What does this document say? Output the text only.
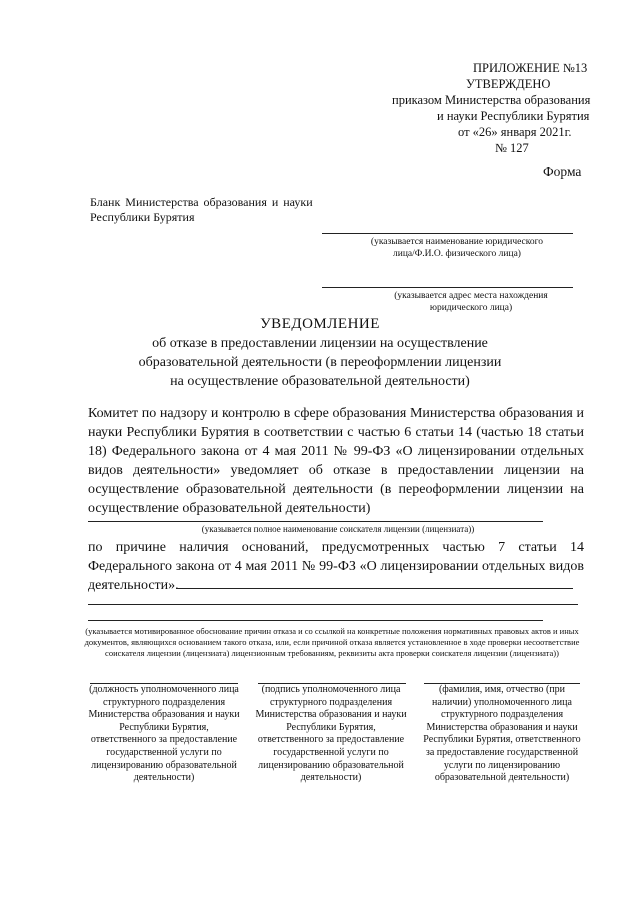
ПРИЛОЖЕНИЕ №13
УТВЕРЖДЕНО
приказом Министерства образования
и науки Республики Бурятия
от «26» января 2021г.
№ 127
Форма
Бланк Министерства образования и науки
Республики Бурятия
(указывается наименование юридического
лица/Ф.И.О. физического лица)
(указывается адрес места нахождения
юридического лица)
УВЕДОМЛЕНИЕ
об отказе в предоставлении лицензии на осуществление
образовательной деятельности (в переоформлении лицензии
на осуществление образовательной деятельности)
Комитет по надзору и контролю в сфере образования Министерства образования и науки Республики Бурятия в соответствии с частью 6 статьи 14 (частью 18 статьи 18) Федерального закона от 4 мая 2011 № 99-ФЗ «О лицензировании отдельных видов деятельности» уведомляет об отказе в предоставлении лицензии на осуществление образовательной деятельности (в переоформлении лицензии на осуществление образовательной деятельности)
(указывается полное наименование соискателя лицензии (лицензиата))
по причине наличия оснований, предусмотренных частью 7 статьи 14 Федерального закона от 4 мая 2011 № 99-ФЗ «О лицензировании отдельных видов деятельности».
(указывается мотивированное обоснование причин отказа и со ссылкой на конкретные положения нормативных правовых актов и иных документов, являющихся основанием такого отказа, или, если причиной отказа является установленное в ходе проверки несоответствие соискателя лицензии (лицензиата) лицензионным требованиям, реквизиты акта проверки соискателя лицензии (лицензиата))
(должность уполномоченного лица структурного подразделения Министерства образования и науки Республики Бурятия, ответственного за предоставление государственной услуги по лицензированию образовательной деятельности)
(подпись уполномоченного лица структурного подразделения Министерства образования и науки Республики Бурятия, ответственного за предоставление государственной услуги по лицензированию образовательной деятельности)
(фамилия, имя, отчество (при наличии) уполномоченного лица структурного подразделения Министерства образования и науки Республики Бурятия, ответственного за предоставление государственной услуги по лицензированию образовательной деятельности)
